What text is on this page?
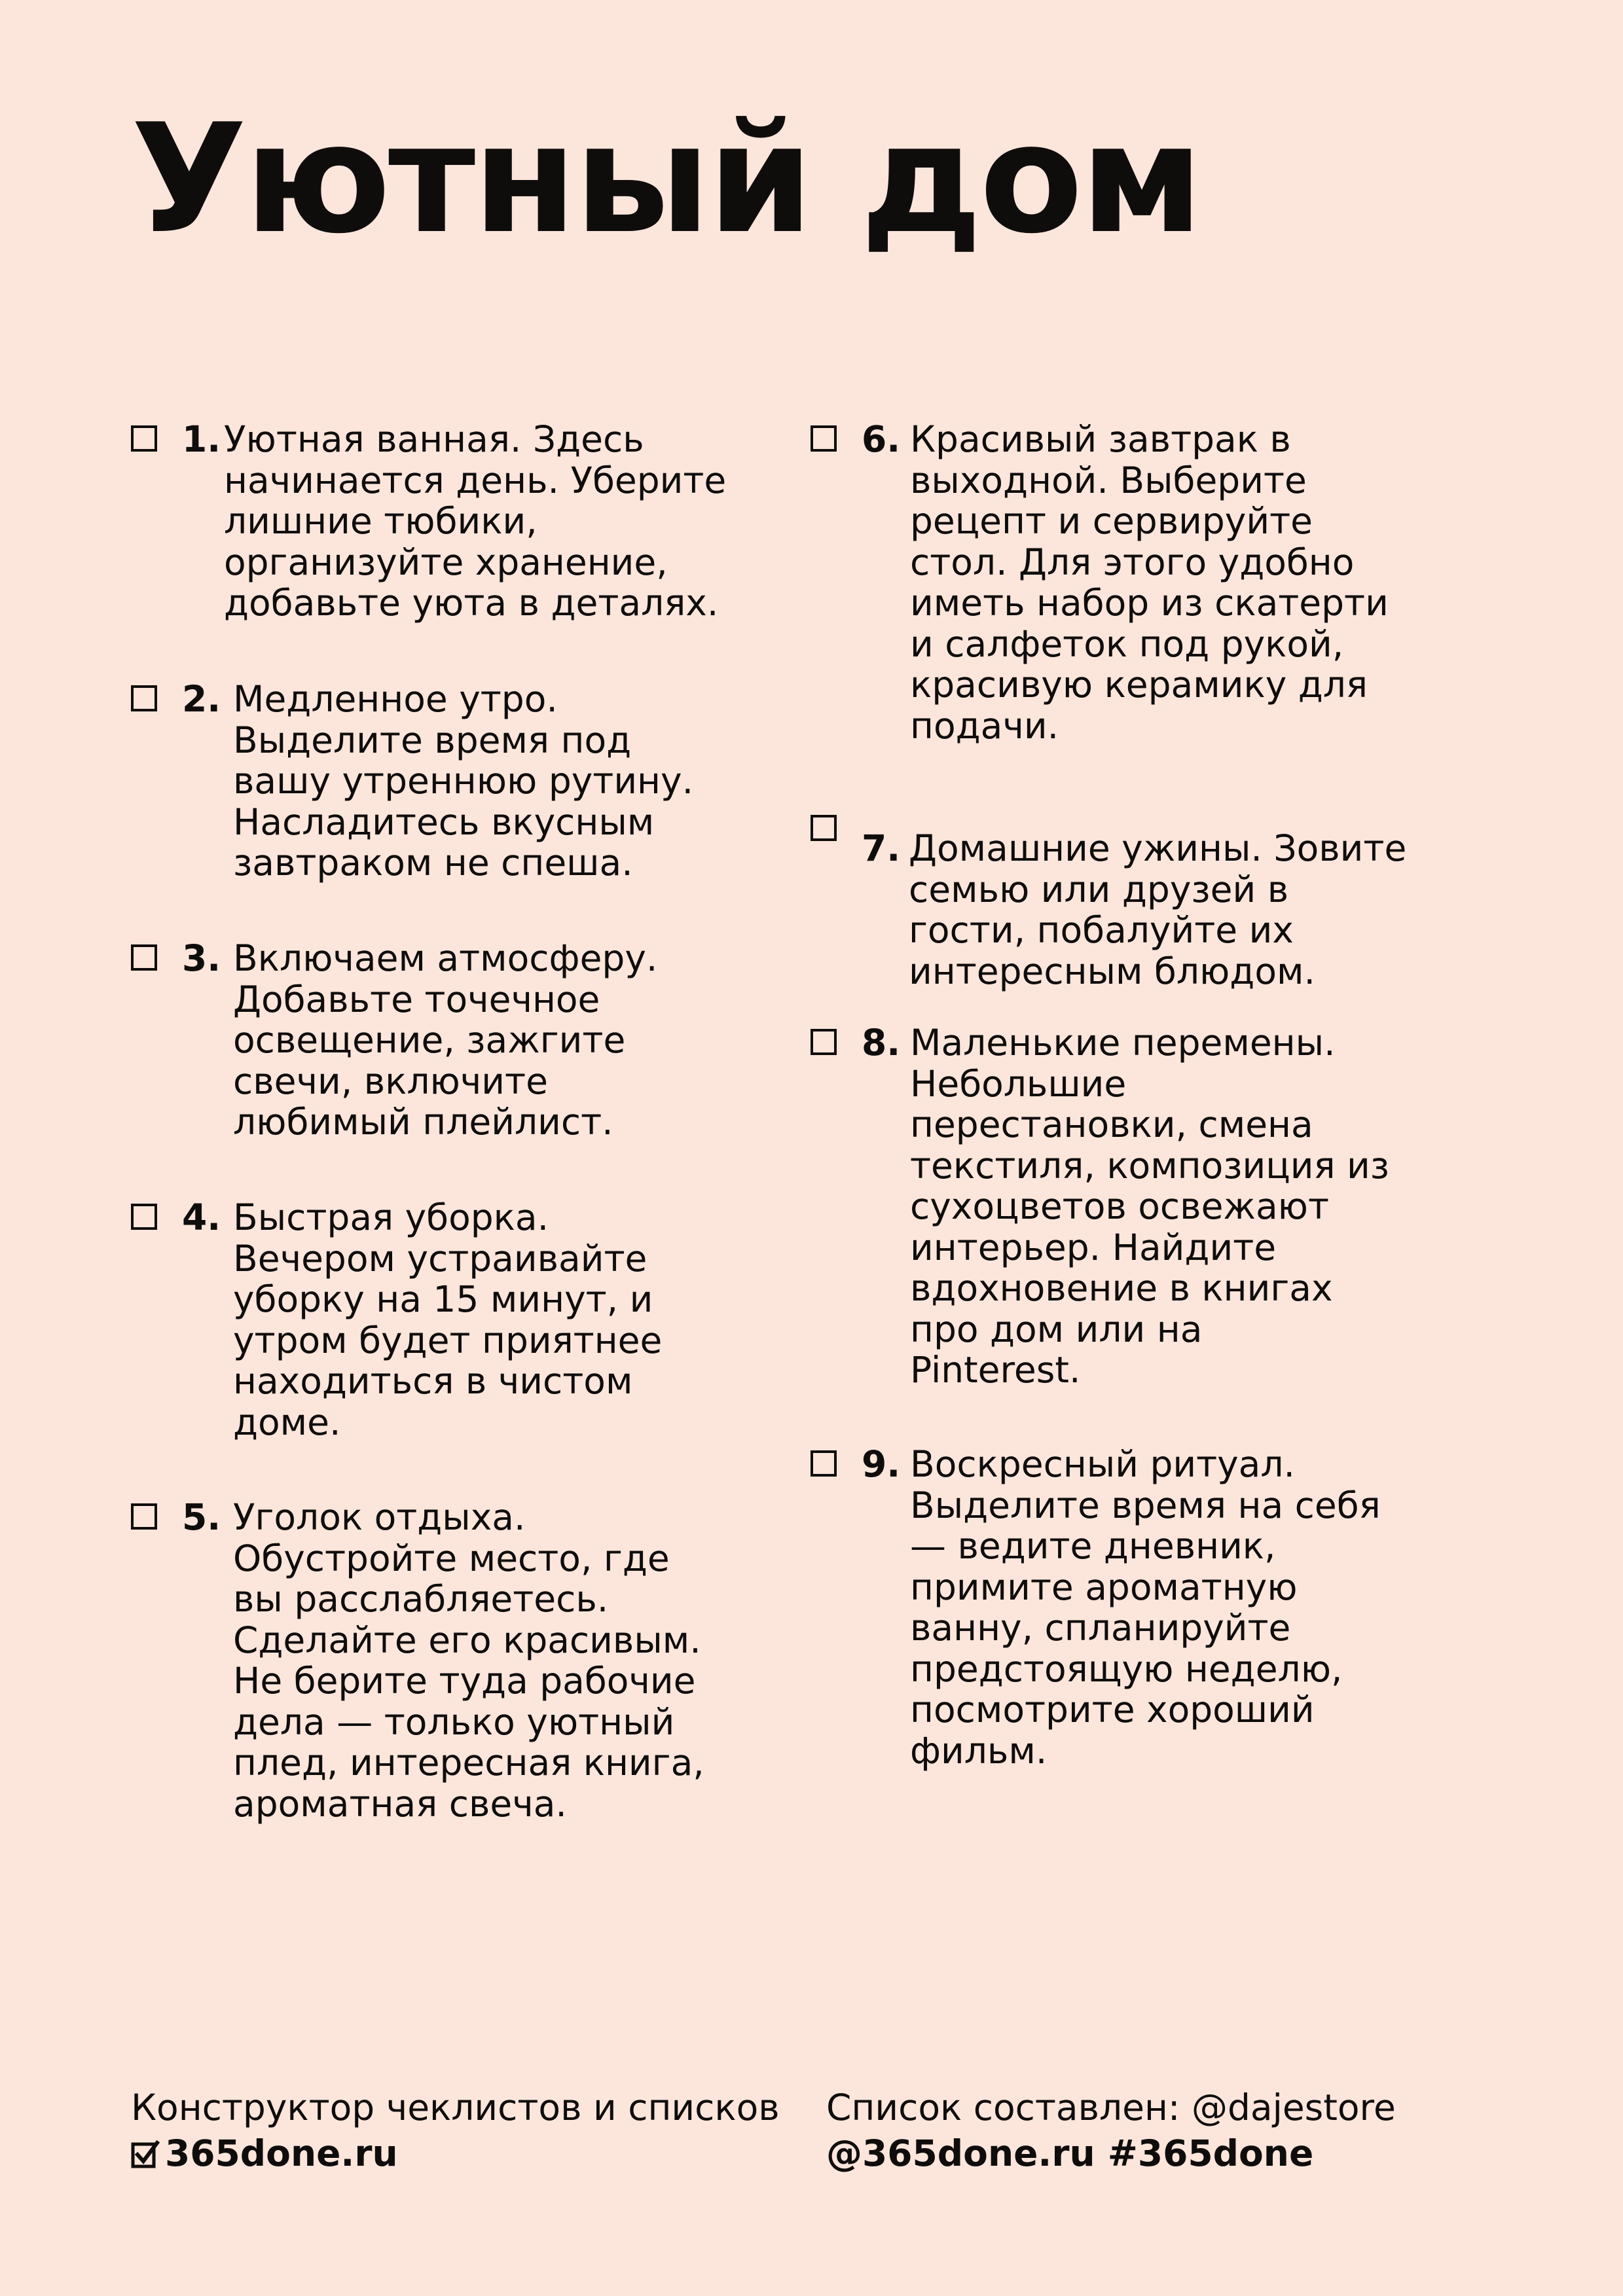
Уютный дом
1. Уютная ванная. Здесь
начинается день. Уберите
лишние тюбики,
организуйте хранение,
добавьте уюта в деталях.
2. Медленное утро.
Выделите время под
вашу утреннюю рутину.
Насладитесь вкусным
завтраком не спеша.
3. Включаем атмосферу.
Добавьте точечное
освещение, зажгите
свечи, включите
любимый плейлист.
4. Быстрая уборка.
Вечером устраивайте
уборку на 15 минут, и
утром будет приятнее
находиться в чистом
доме.
5. Уголок отдыха.
Обустройте место, где
вы расслабляетесь.
Сделайте его красивым.
Не берите туда рабочие
дела — только уютный
плед, интересная книга,
ароматная свеча.
6. Красивый завтрак в
выходной. Выберите
рецепт и сервируйте
стол. Для этого удобно
иметь набор из скатерти
и салфеток под рукой,
красивую керамику для
подачи.
7. Домашние ужины. Зовите
семью или друзей в
гости, побалуйте их
интересным блюдом.
8. Маленькие перемены.
Небольшие
перестановки, смена
текстиля, композиция из
сухоцветов освежают
интерьер. Найдите
вдохновение в книгах
про дом или на
Pinterest.
9. Воскресный ритуал.
Выделите время на себя
— ведите дневник,
примите ароматную
ванну, спланируйте
предстоящую неделю,
посмотрите хороший
фильм.
Конструктор чеклистов и списков
365done.ru
Список составлен: @dajestore
@365done.ru #365done
